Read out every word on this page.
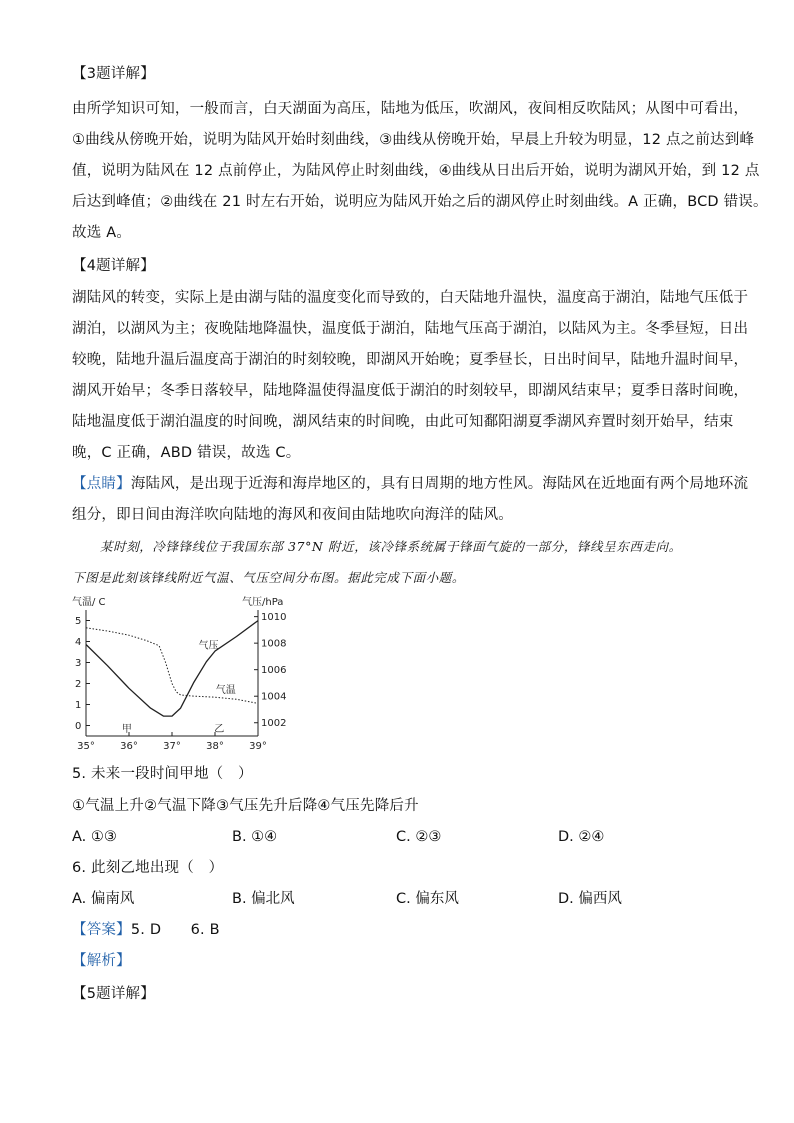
【3题详解】
由所学知识可知，一般而言，白天湖面为高压，陆地为低压，吹湖风，夜间相反吹陆风；从图中可看出，
①曲线从傍晚开始，说明为陆风开始时刻曲线，③曲线从傍晚开始，早晨上升较为明显，12 点之前达到峰
值，说明为陆风在 12 点前停止，为陆风停止时刻曲线，④曲线从日出后开始，说明为湖风开始，到 12 点
后达到峰值；②曲线在 21 时左右开始，说明应为陆风开始之后的湖风停止时刻曲线。A 正确，BCD 错误。
故选 A。
【4题详解】
湖陆风的转变，实际上是由湖与陆的温度变化而导致的，白天陆地升温快，温度高于湖泊，陆地气压低于
湖泊，以湖风为主；夜晚陆地降温快，温度低于湖泊，陆地气压高于湖泊，以陆风为主。冬季昼短，日出
较晚，陆地升温后温度高于湖泊的时刻较晚，即湖风开始晚；夏季昼长，日出时间早，陆地升温时间早，
湖风开始早；冬季日落较早，陆地降温使得温度低于湖泊的时刻较早，即湖风结束早；夏季日落时间晚，
陆地温度低于湖泊温度的时间晚，湖风结束的时间晚，由此可知鄱阳湖夏季湖风弃置时刻开始早，结束
晚，C 正确，ABD 错误，故选 C。
【点睛】海陆风，是出现于近海和海岸地区的，具有日周期的地方性风。海陆风在近地面有两个局地环流
组分，即日间由海洋吹向陆地的海风和夜间由陆地吹向海洋的陆风。
某时刻，冷锋锋线位于我国东部 37°N 附近，该冷锋系统属于锋面气旋的一部分，锋线呈东西走向。
下图是此刻该锋线附近气温、气压空间分布图。据此完成下面小题。
气温/ C	气压/hPa
5
4
3
2
1
0
1010
1008
1006
1004
1002
35°	36°	37°	38°	39°
甲	乙
气压
气温
5. 未来一段时间甲地（　）
①气温上升②气温下降③气压先升后降④气压先降后升
A. ①③	B. ①④	C. ②③	D. ②④
6. 此刻乙地出现（　）
A. 偏南风	B. 偏北风	C. 偏东风	D. 偏西风
【答案】5. D　　6. B
【解析】
【5题详解】
